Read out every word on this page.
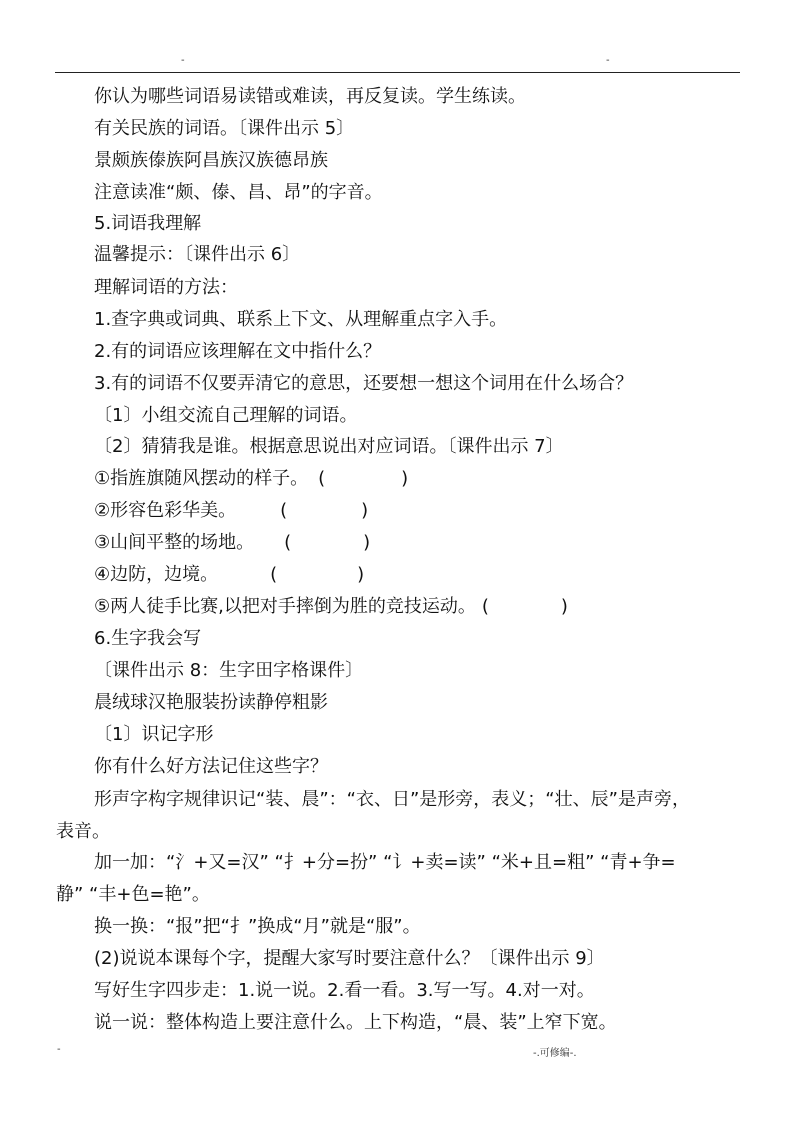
-	-
你认为哪些词语易读错或难读，再反复读。学生练读。
有关民族的词语。〔课件出示 5〕
景颇族傣族阿昌族汉族德昂族
注意读准“颇、傣、昌、昂”的字音。
5.词语我理解
温馨提示：〔课件出示 6〕
理解词语的方法：
1.查字典或词典、联系上下文、从理解重点字入手。
2.有的词语应该理解在文中指什么？
3.有的词语不仅要弄清它的意思，还要想一想这个词用在什么场合？
〔1〕小组交流自己理解的词语。
〔2〕猜猜我是谁。根据意思说出对应词语。〔课件出示 7〕
①指旌旗随风摆动的样子。 (	)
②形容色彩华美。 (	)
③山间平整的场地。 (	)
④边防，边境。	(	)
⑤两人徒手比赛,以把对手摔倒为胜的竞技运动。 (	)
6.生字我会写
〔课件出示 8：生字田字格课件〕
晨绒球汉艳服装扮读静停粗影
〔1〕识记字形
你有什么好方法记住这些字？
形声字构字规律识记“装、晨”：“衣、日”是形旁，表义；“壮、辰”是声旁，
表音。
加一加：“氵+又=汉” “扌+分=扮” “讠+卖=读” “米+且=粗” “青+争=
静” “丰+色=艳”。
换一换：“报”把“扌”换成“月”就是“服”。
(2)说说本课每个字，提醒大家写时要注意什么？〔课件出示 9〕
写好生字四步走：1.说一说。2.看一看。3.写一写。4.对一对。
说一说：整体构造上要注意什么。上下构造，“晨、装”上窄下宽。
-	-.可修编-.
